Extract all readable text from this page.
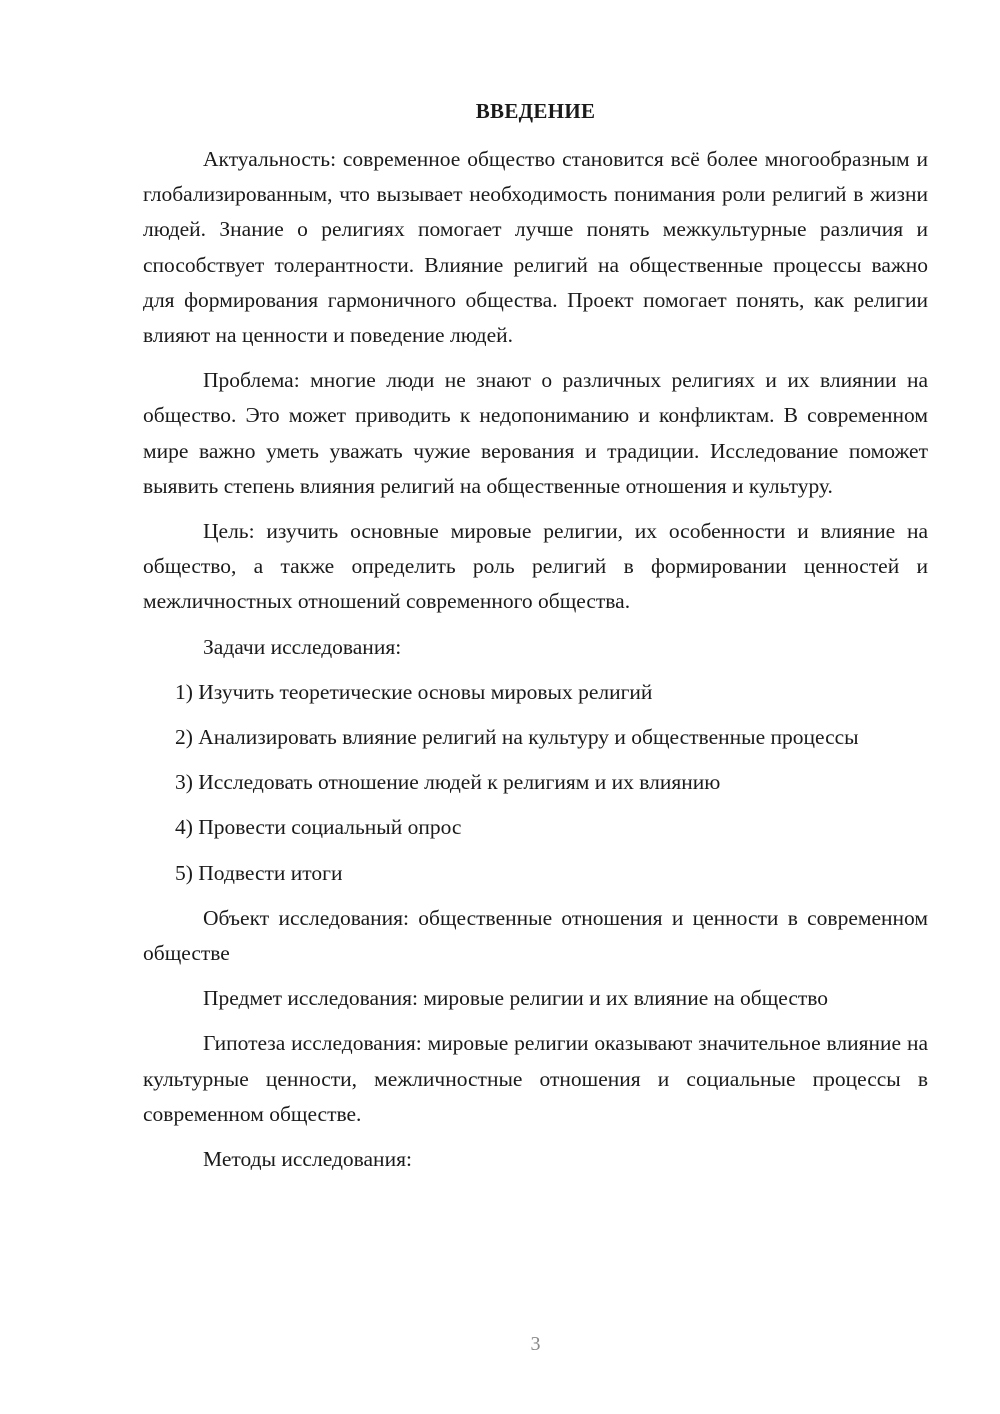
ВВЕДЕНИЕ

Актуальность: современное общество становится всё более многообразным и глобализированным, что вызывает необходимость понимания роли религий в жизни людей. Знание о религиях помогает лучше понять межкультурные различия и способствует толерантности. Влияние религий на общественные процессы важно для формирования гармоничного общества. Проект помогает понять, как религии влияют на ценности и поведение людей.

Проблема: многие люди не знают о различных религиях и их влиянии на общество. Это может приводить к недопониманию и конфликтам. В современном мире важно уметь уважать чужие верования и традиции. Исследование поможет выявить степень влияния религий на общественные отношения и культуру.

Цель: изучить основные мировые религии, их особенности и влияние на общество, а также определить роль религий в формировании ценностей и межличностных отношений современного общества.

Задачи исследования:

1) Изучить теоретические основы мировых религий

2) Анализировать влияние религий на культуру и общественные процессы

3) Исследовать отношение людей к религиям и их влиянию

4) Провести социальный опрос

5) Подвести итоги

Объект исследования: общественные отношения и ценности в современном обществе

Предмет исследования: мировые религии и их влияние на общество

Гипотеза исследования: мировые религии оказывают значительное влияние на культурные ценности, межличностные отношения и социальные процессы в современном обществе.

Методы исследования:

3
